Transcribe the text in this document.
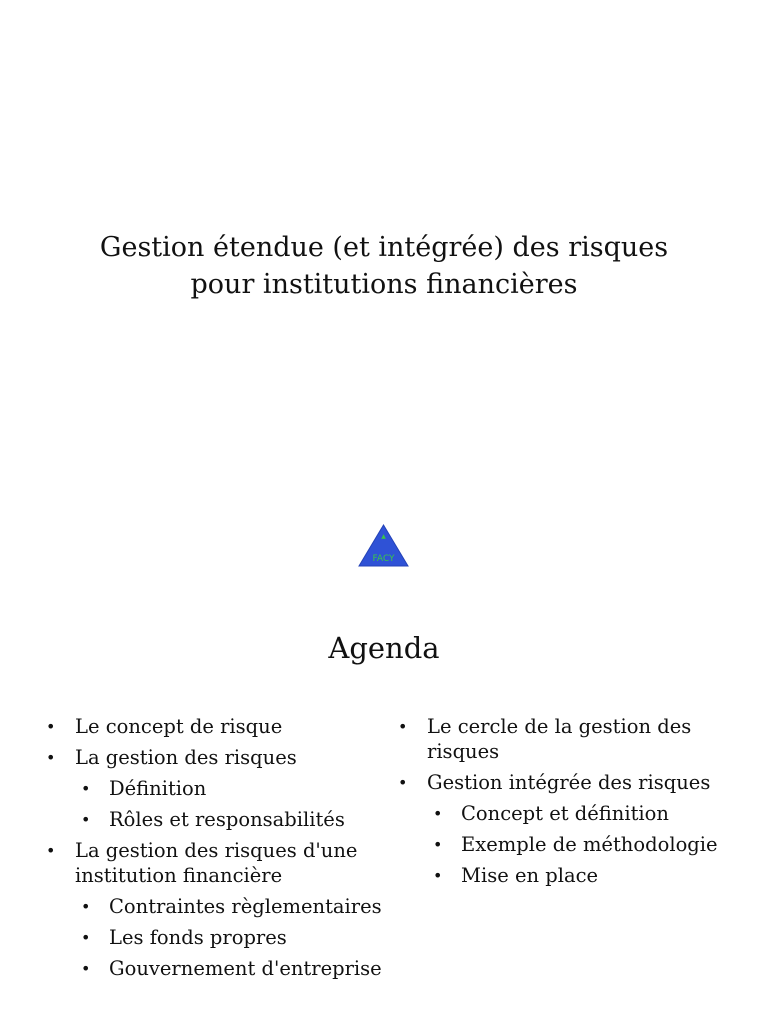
Gestion étendue (et intégrée) des risques
pour institutions financières
▲
FACY
Agenda
• Le concept de risque
• La gestion des risques
• Définition
• Rôles et responsabilités
• La gestion des risques d'une institution financière
• Contraintes règlementaires
• Les fonds propres
• Gouvernement d'entreprise
• Le cercle de la gestion des risques
• Gestion intégrée des risques
• Concept et définition
• Exemple de méthodologie
• Mise en place
